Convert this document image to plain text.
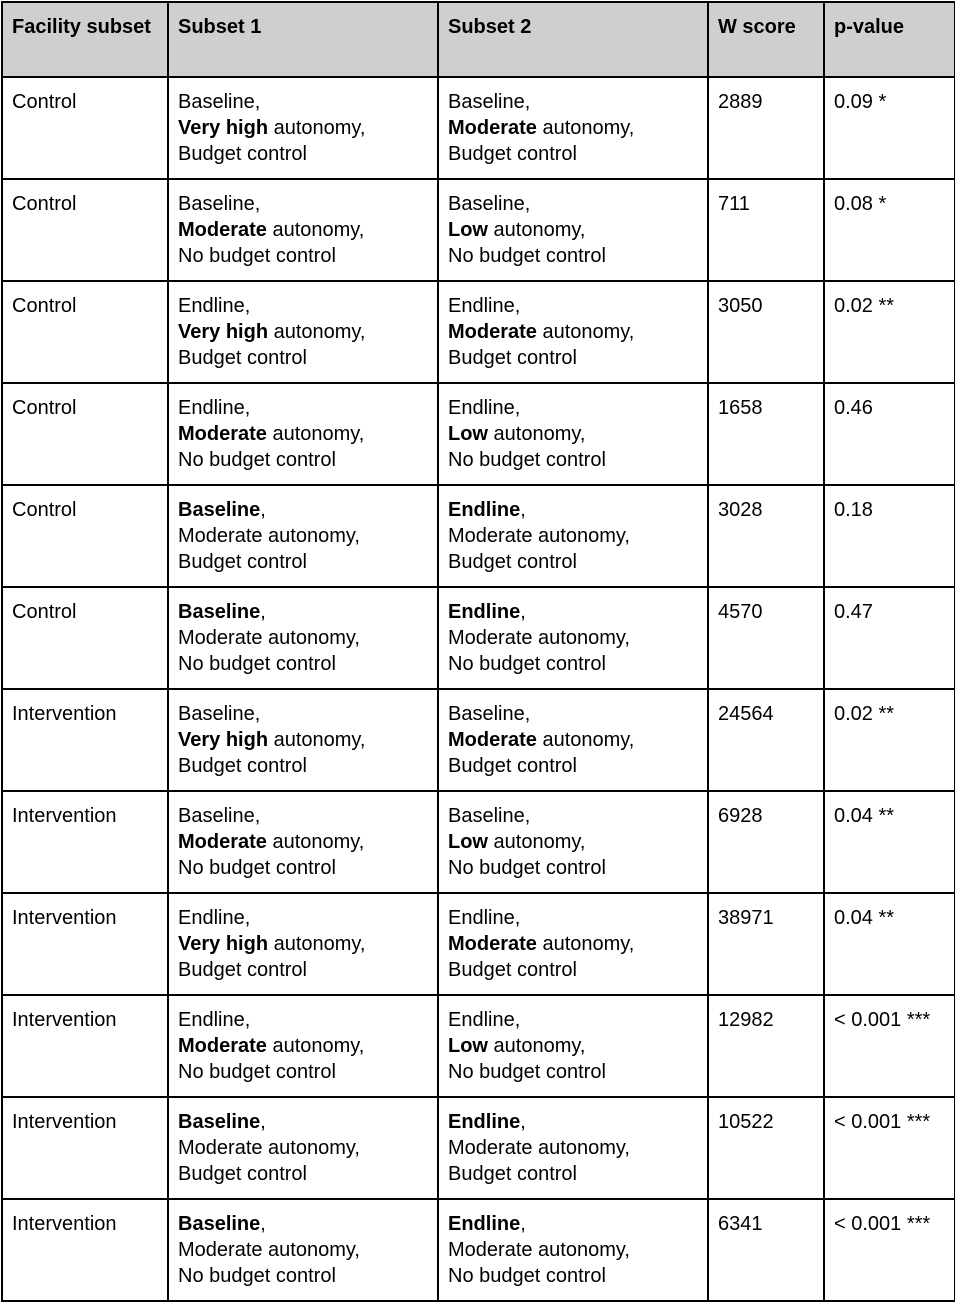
Facility subset	Subset 1	Subset 2	W score	p-value
Control	Baseline,
Very high autonomy,
Budget control	Baseline,
Moderate autonomy,
Budget control	2889	0.09 *
Control	Baseline,
Moderate autonomy,
No budget control	Baseline,
Low autonomy,
No budget control	711	0.08 *
Control	Endline,
Very high autonomy,
Budget control	Endline,
Moderate autonomy,
Budget control	3050	0.02 **
Control	Endline,
Moderate autonomy,
No budget control	Endline,
Low autonomy,
No budget control	1658	0.46
Control	Baseline,
Moderate autonomy,
Budget control	Endline,
Moderate autonomy,
Budget control	3028	0.18
Control	Baseline,
Moderate autonomy,
No budget control	Endline,
Moderate autonomy,
No budget control	4570	0.47
Intervention	Baseline,
Very high autonomy,
Budget control	Baseline,
Moderate autonomy,
Budget control	24564	0.02 **
Intervention	Baseline,
Moderate autonomy,
No budget control	Baseline,
Low autonomy,
No budget control	6928	0.04 **
Intervention	Endline,
Very high autonomy,
Budget control	Endline,
Moderate autonomy,
Budget control	38971	0.04 **
Intervention	Endline,
Moderate autonomy,
No budget control	Endline,
Low autonomy,
No budget control	12982	< 0.001 ***
Intervention	Baseline,
Moderate autonomy,
Budget control	Endline,
Moderate autonomy,
Budget control	10522	< 0.001 ***
Intervention	Baseline,
Moderate autonomy,
No budget control	Endline,
Moderate autonomy,
No budget control	6341	< 0.001 ***
